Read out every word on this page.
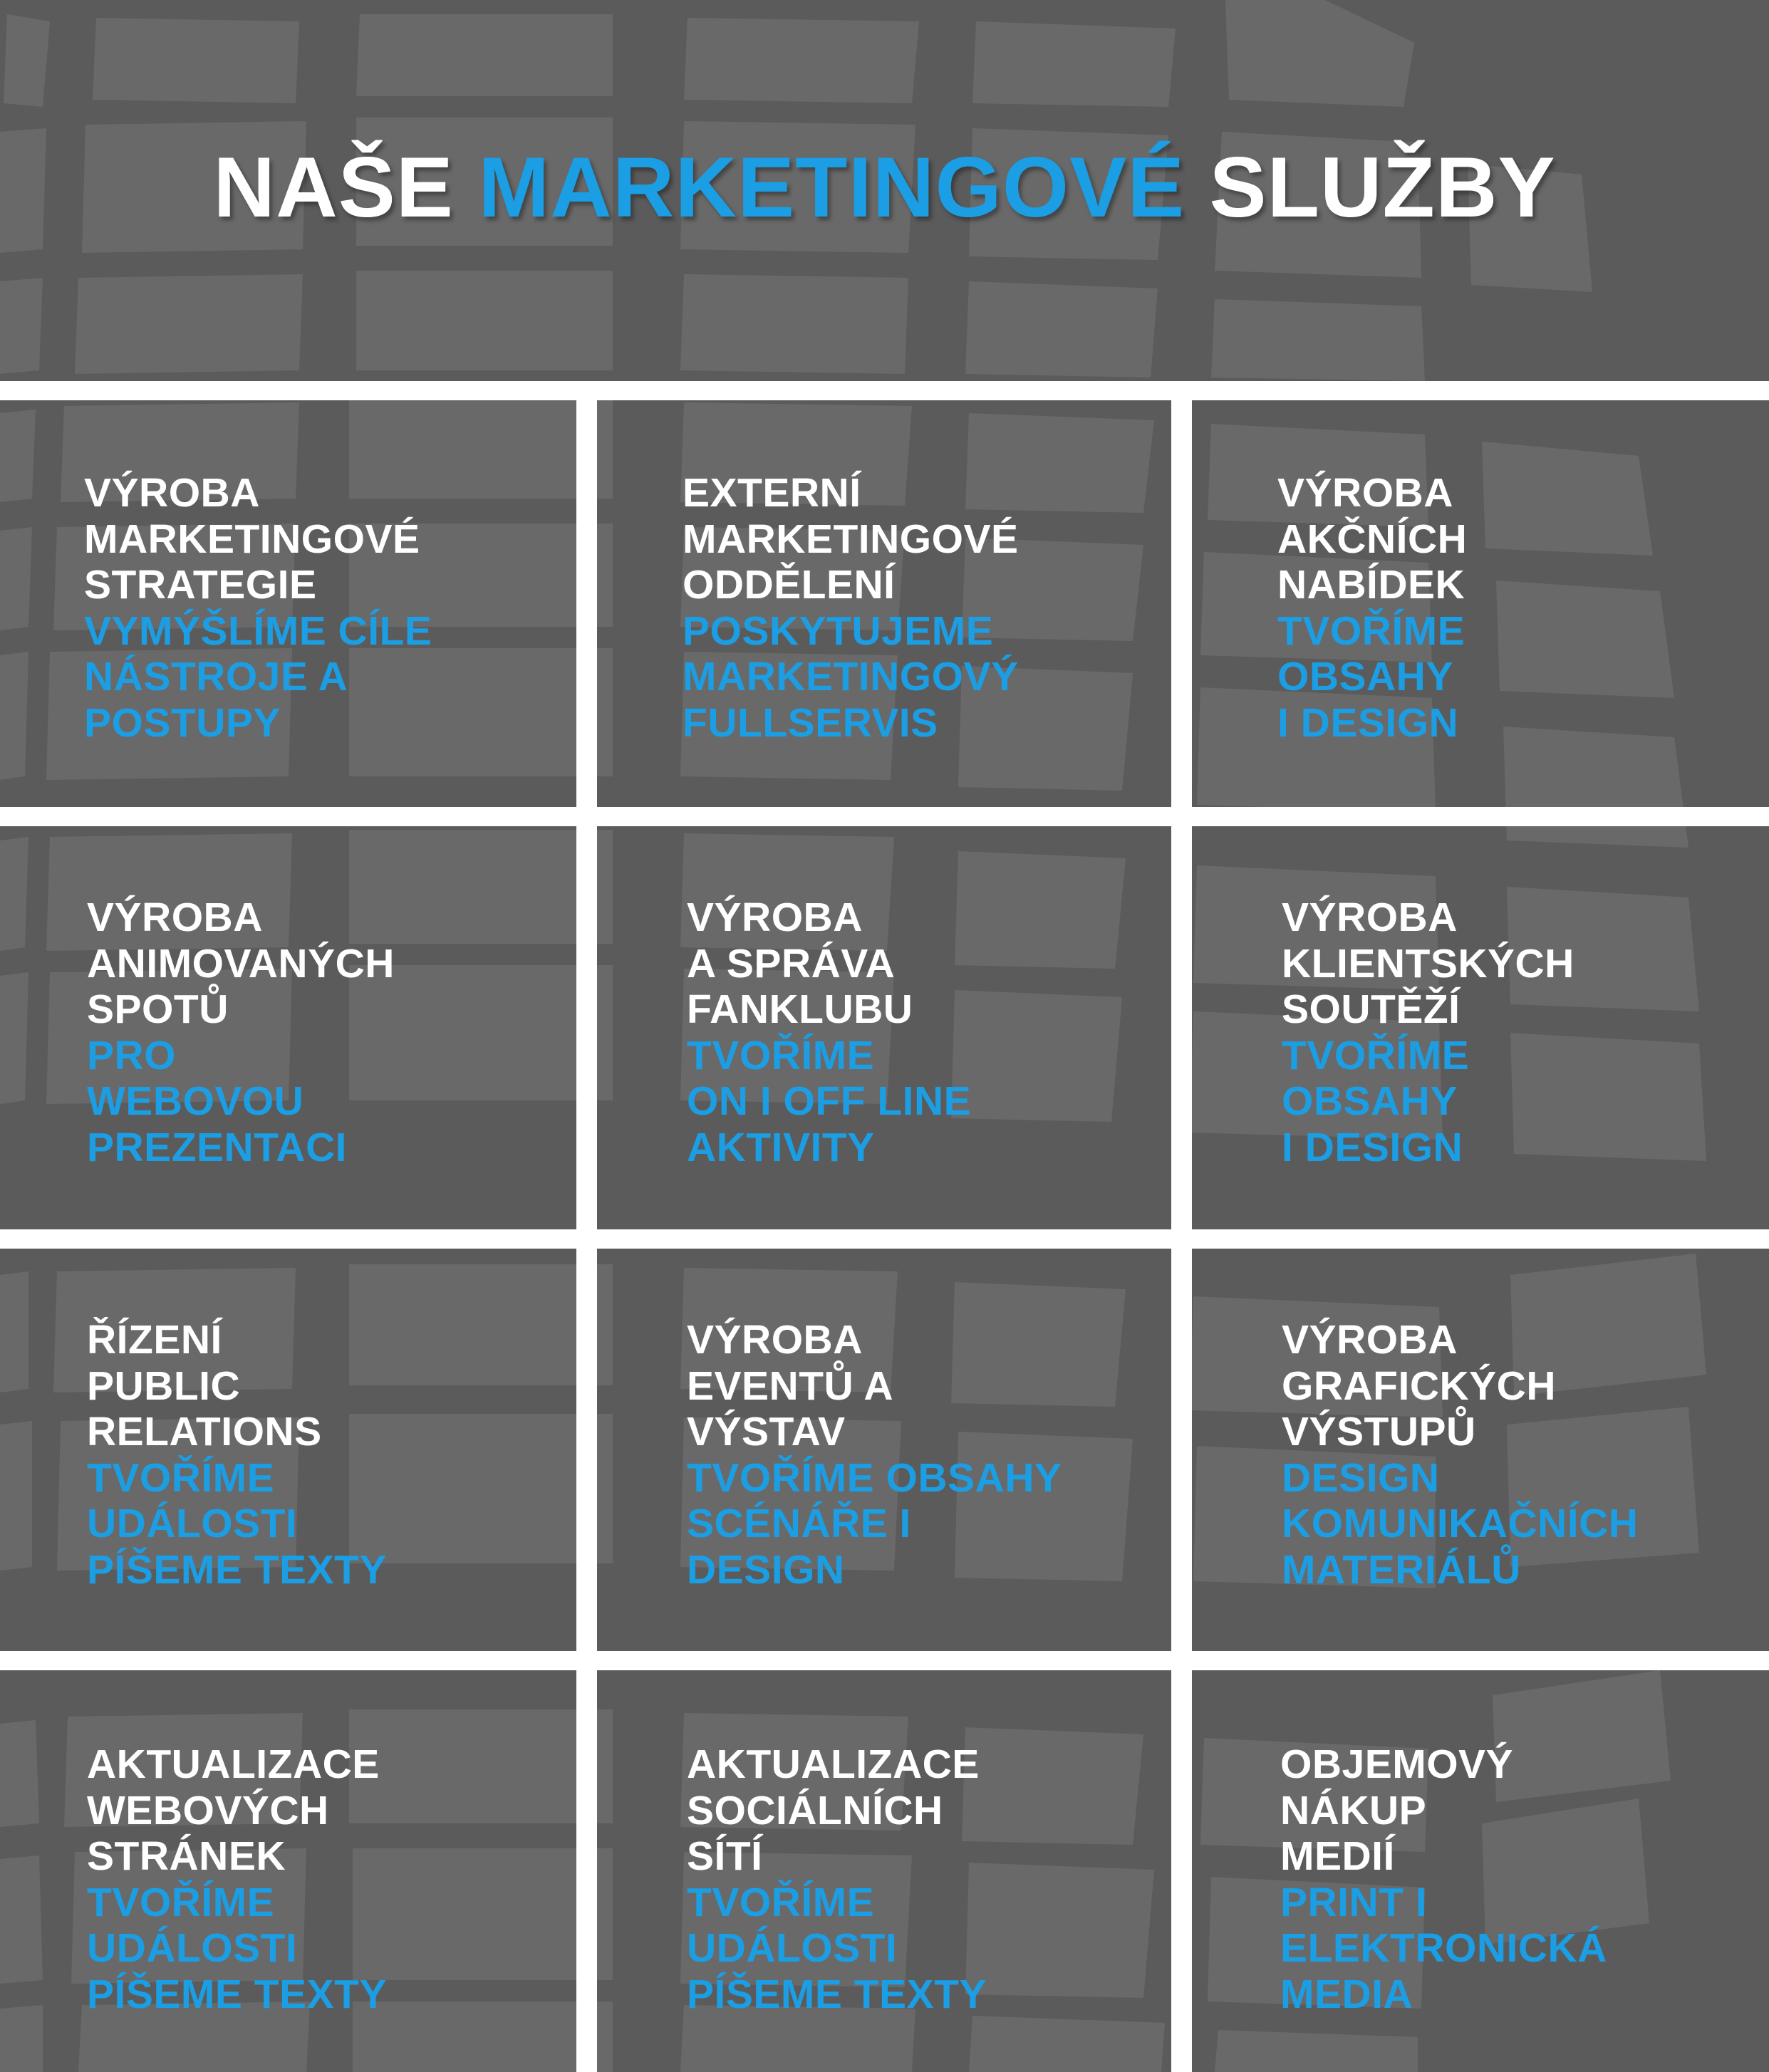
NAŠE MARKETINGOVÉ SLUŽBY
VÝROBA
MARKETINGOVÉ
STRATEGIE
VYMÝŠLÍME CÍLE
NÁSTROJE A
POSTUPY
EXTERNÍ
MARKETINGOVÉ
ODDĚLENÍ
POSKYTUJEME
MARKETINGOVÝ
FULLSERVIS
VÝROBA
AKČNÍCH
NABÍDEK
TVOŘÍME
OBSAHY
I DESIGN
VÝROBA
ANIMOVANÝCH
SPOTŮ
PRO
WEBOVOU
PREZENTACI
VÝROBA
A SPRÁVA
FANKLUBU
TVOŘÍME
ON I OFF LINE
AKTIVITY
VÝROBA
KLIENTSKÝCH
SOUTĚŽÍ
TVOŘÍME
OBSAHY
I DESIGN
ŘÍZENÍ
PUBLIC
RELATIONS
TVOŘÍME
UDÁLOSTI
PÍŠEME TEXTY
VÝROBA
EVENTŮ A
VÝSTAV
TVOŘÍME OBSAHY
SCÉNÁŘE I
DESIGN
VÝROBA
GRAFICKÝCH
VÝSTUPŮ
DESIGN
KOMUNIKAČNÍCH
MATERIÁLŮ
AKTUALIZACE
WEBOVÝCH
STRÁNEK
TVOŘÍME
UDÁLOSTI
PÍŠEME TEXTY
AKTUALIZACE
SOCIÁLNÍCH
SÍTÍ
TVOŘÍME
UDÁLOSTI
PÍŠEME TEXTY
OBJEMOVÝ
NÁKUP
MEDIÍ
PRINT I
ELEKTRONICKÁ
MEDIA
